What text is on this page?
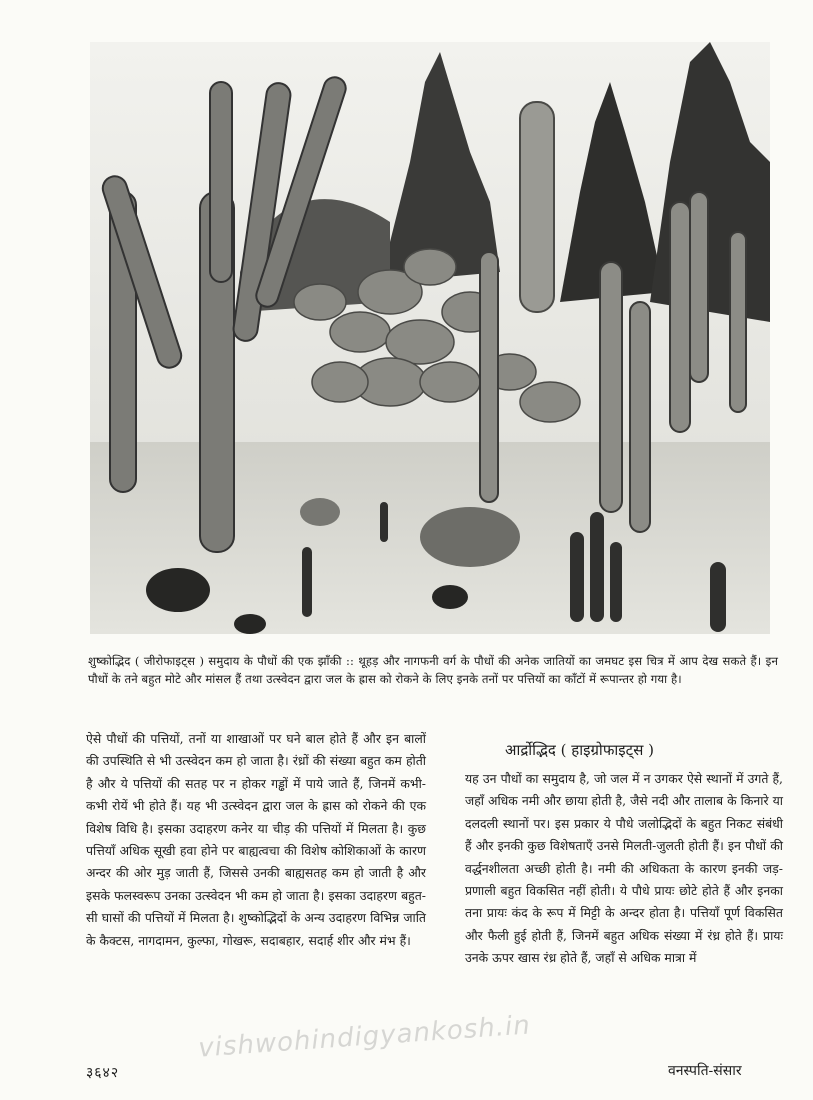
शुष्कोद्भिद ( जीरोफाइट्स ) समुदाय के पौधों की एक झाँकी :: थूहड़ और नागफनी वर्ग के पौधों की अनेक जातियों का जमघट इस चित्र में आप देख सकते हैं। इन पौधों के तने बहुत मोटे और मांसल हैं तथा उत्स्वेदन द्वारा जल के ह्रास को रोकने के लिए इनके तनों पर पत्तियों का काँटों में रूपान्तर हो गया है।
ऐसे पौधों की पत्तियों, तनों या शाखाओं पर घने बाल होते हैं और इन बालों की उपस्थिति से भी उत्स्वेदन कम हो जाता है। रंध्रों की संख्या बहुत कम होती है और ये पत्तियों की सतह पर न होकर गड्ढों में पाये जाते हैं, जिनमें कभी-कभी रोयें भी होते हैं। यह भी उत्स्वेदन द्वारा जल के ह्रास को रोकने की एक विशेष विधि है। इसका उदाहरण कनेर या चीड़ की पत्तियों में मिलता है। कुछ पत्तियाँ अधिक सूखी हवा होने पर बाह्यत्वचा की विशेष कोशिकाओं के कारण अन्दर की ओर मुड़ जाती हैं, जिससे उनकी बाह्यसतह कम हो जाती है और इसके फलस्वरूप उनका उत्स्वेदन भी कम हो जाता है। इसका उदाहरण बहुत-सी घासों की पत्तियों में मिलता है। शुष्कोद्भिदों के अन्य उदाहरण विभिन्न जाति के कैक्टस, नागदामन, कुल्फा, गोखरू, सदाबहार, सदार्ह शीर और मंभ हैं।
आर्द्रोद्भिद ( हाइग्रोफाइट्स )
यह उन पौधों का समुदाय है, जो जल में न उगकर ऐसे स्थानों में उगते हैं, जहाँ अधिक नमी और छाया होती है, जैसे नदी और तालाब के किनारे या दलदली स्थानों पर। इस प्रकार ये पौधे जलोद्भिदों के बहुत निकट संबंधी हैं और इनकी कुछ विशेषताएँ उनसे मिलती-जुलती होती हैं। इन पौधों की वर्द्धनशीलता अच्छी होती है। नमी की अधिकता के कारण इनकी जड़-प्रणाली बहुत विकसित नहीं होती। ये पौधे प्रायः छोटे होते हैं और इनका तना प्रायः कंद के रूप में मिट्टी के अन्दर होता है। पत्तियाँ पूर्ण विकसित और फैली हुई होती हैं, जिनमें बहुत अधिक संख्या में रंध्र होते हैं। प्रायः उनके ऊपर खास रंध्र होते हैं, जहाँ से अधिक मात्रा में
vishwohindigyankosh.in
३६४२	वनस्पति-संसार
